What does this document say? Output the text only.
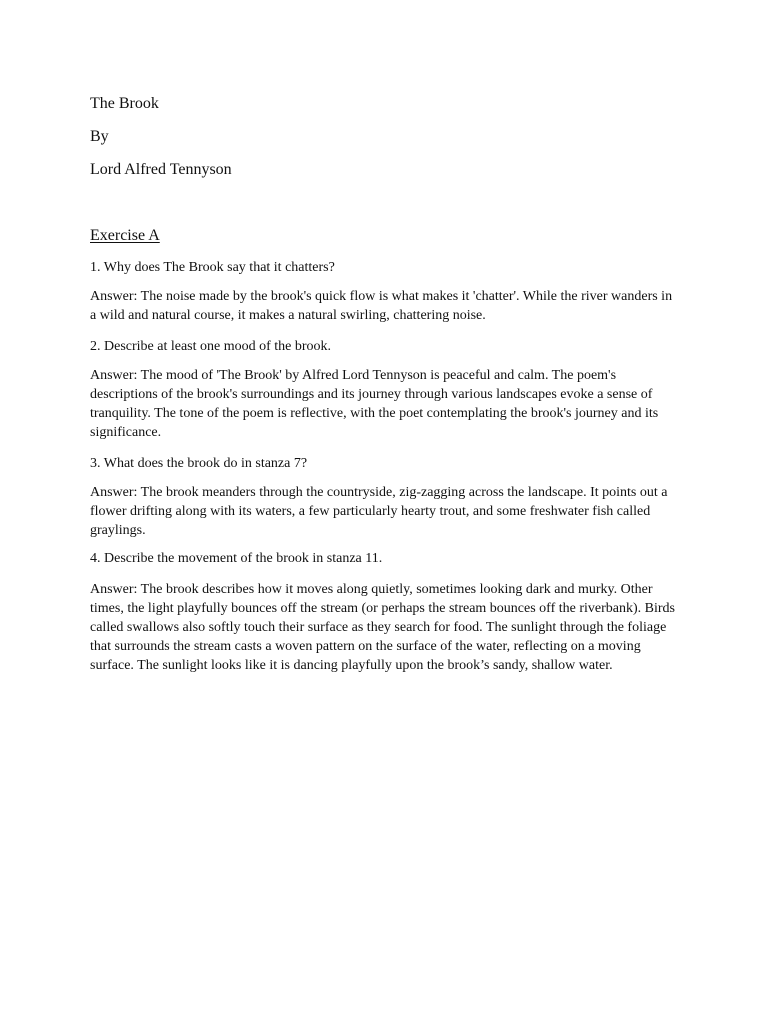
The Brook

By

Lord Alfred Tennyson

Exercise A

1. Why does The Brook say that it chatters?

Answer: The noise made by the brook's quick flow is what makes it 'chatter'. While the river wanders in a wild and natural course, it makes a natural swirling, chattering noise.

2. Describe at least one mood of the brook.

Answer: The mood of 'The Brook' by Alfred Lord Tennyson is peaceful and calm. The poem's descriptions of the brook's surroundings and its journey through various landscapes evoke a sense of tranquility. The tone of the poem is reflective, with the poet contemplating the brook's journey and its significance.

3. What does the brook do in stanza 7?

Answer: The brook meanders through the countryside, zig-zagging across the landscape. It points out a flower drifting along with its waters, a few particularly hearty trout, and some freshwater fish called graylings.

4. Describe the movement of the brook in stanza 11.

Answer: The brook describes how it moves along quietly, sometimes looking dark and murky. Other times, the light playfully bounces off the stream (or perhaps the stream bounces off the riverbank). Birds called swallows also softly touch their surface as they search for food. The sunlight through the foliage that surrounds the stream casts a woven pattern on the surface of the water, reflecting on a moving surface. The sunlight looks like it is dancing playfully upon the brook’s sandy, shallow water.
